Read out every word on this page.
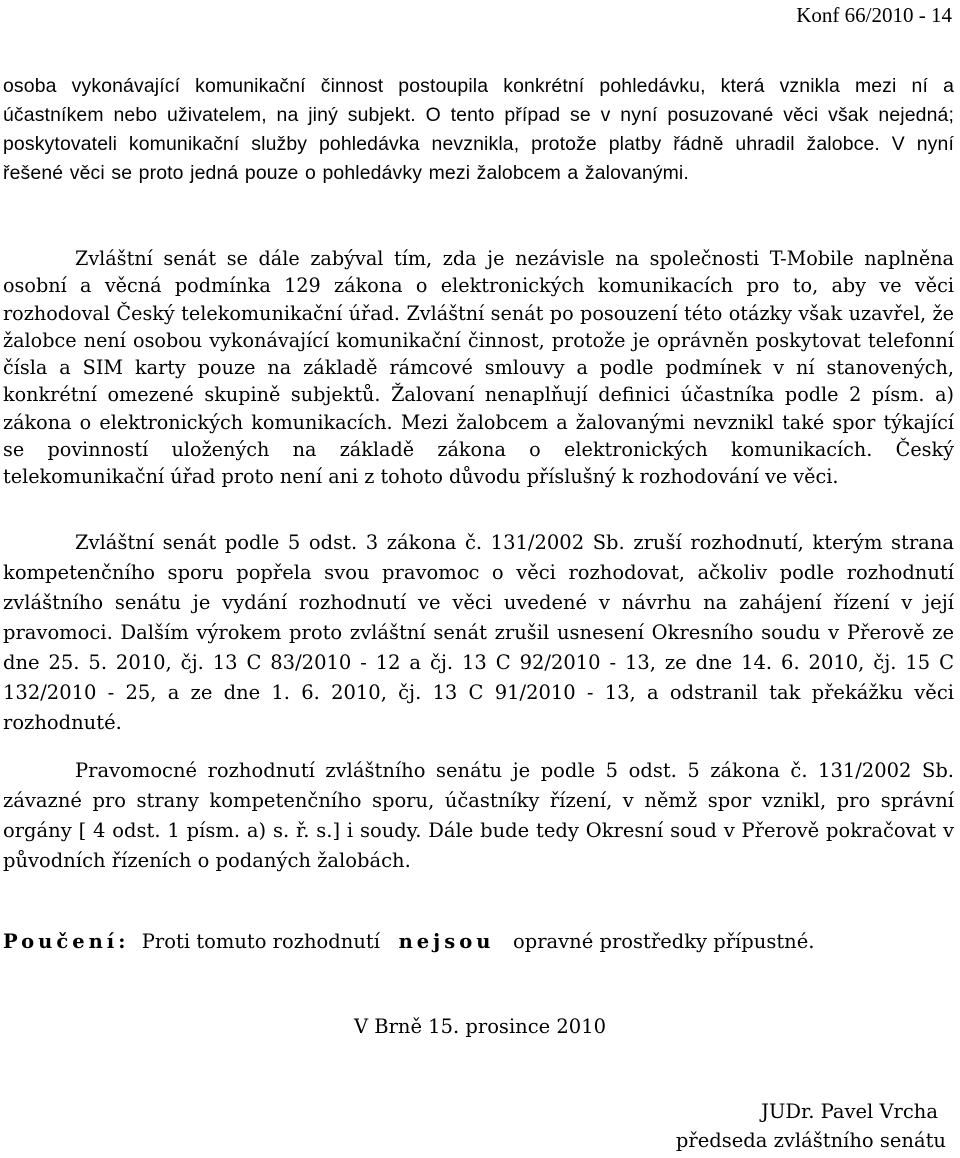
Konf 66/2010 - 14

osoba vykonávající komunikační činnost postoupila konkrétní pohledávku, která vznikla mezi ní a účastníkem nebo uživatelem, na jiný subjekt. O tento případ se v nyní posuzované věci však nejedná; poskytovateli komunikační služby pohledávka nevznikla, protože platby řádně uhradil žalobce. V nyní řešené věci se proto jedná pouze o pohledávky mezi žalobcem a žalovanými.

Zvláštní senát se dále zabýval tím, zda je nezávisle na společnosti T-Mobile naplněna osobní a věcná podmínka 129 zákona o elektronických komunikacích pro to, aby ve věci rozhodoval Český telekomunikační úřad. Zvláštní senát po posouzení této otázky však uzavřel, že žalobce není osobou vykonávající komunikační činnost, protože je oprávněn poskytovat telefonní čísla a SIM karty pouze na základě rámcové smlouvy a podle podmínek v ní stanovených, konkrétní omezené skupině subjektů. Žalovaní nenaplňují definici účastníka podle 2 písm. a) zákona o elektronických komunikacích. Mezi žalobcem a žalovanými nevznikl také spor týkající se povinností uložených na základě zákona o elektronických komunikacích. Český telekomunikační úřad proto není ani z tohoto důvodu příslušný k rozhodování ve věci.

Zvláštní senát podle 5 odst. 3 zákona č. 131/2002 Sb. zruší rozhodnutí, kterým strana kompetenčního sporu popřela svou pravomoc o věci rozhodovat, ačkoliv podle rozhodnutí zvláštního senátu je vydání rozhodnutí ve věci uvedené v návrhu na zahájení řízení v její pravomoci. Dalším výrokem proto zvláštní senát zrušil usnesení Okresního soudu v Přerově ze dne 25. 5. 2010, čj. 13 C 83/2010 - 12 a čj. 13 C 92/2010 - 13, ze dne 14. 6. 2010, čj. 15 C 132/2010 - 25, a ze dne 1. 6. 2010, čj. 13 C 91/2010 - 13, a odstranil tak překážku věci rozhodnuté.

Pravomocné rozhodnutí zvláštního senátu je podle 5 odst. 5 zákona č. 131/2002 Sb. závazné pro strany kompetenčního sporu, účastníky řízení, v němž spor vznikl, pro správní orgány [ 4 odst. 1 písm. a) s. ř. s.] i soudy. Dále bude tedy Okresní soud v Přerově pokračovat v původních řízeních o podaných žalobách.

Poučení: Proti tomuto rozhodnutí nejsou opravné prostředky přípustné.
V Brně 15. prosince 2010
JUDr. Pavel Vrcha
předseda zvláštního senátu
